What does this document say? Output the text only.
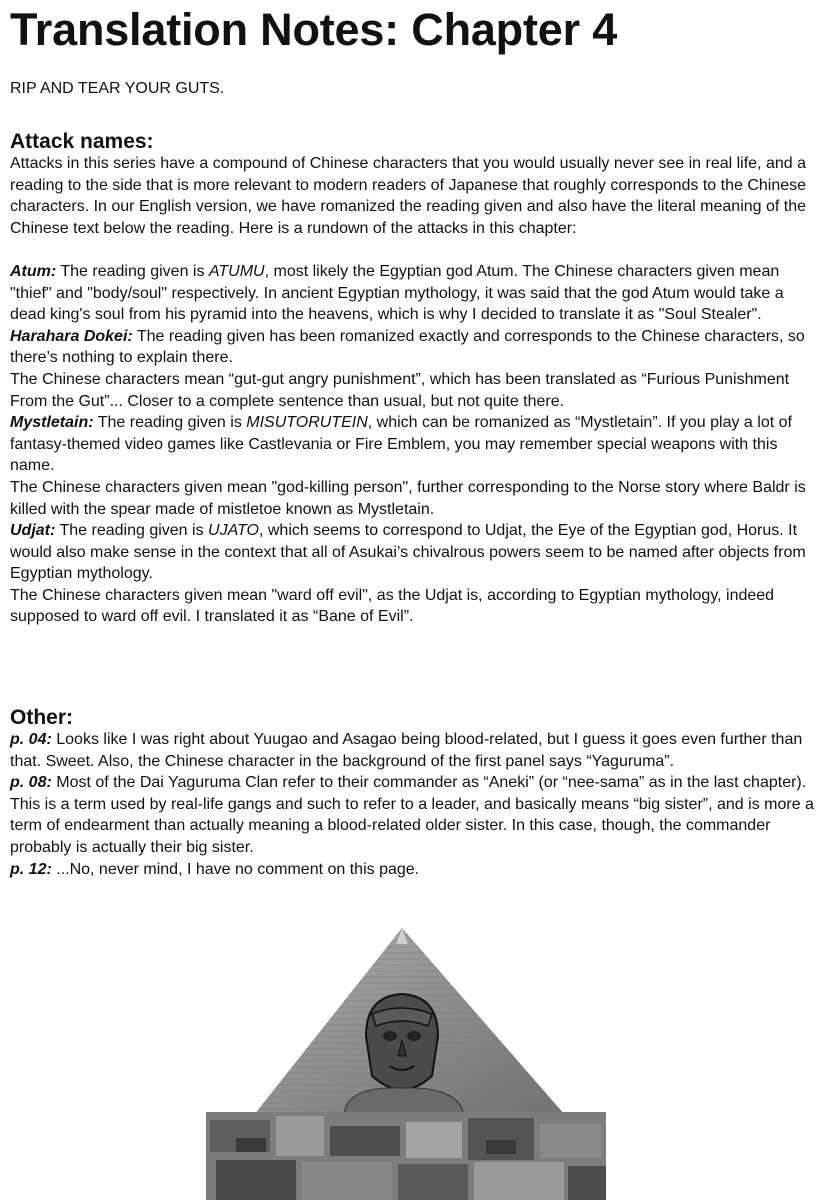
Translation Notes: Chapter 4

RIP AND TEAR YOUR GUTS.

Attack names:

Attacks in this series have a compound of Chinese characters that you would usually never see in real life, and a reading to the side that is more relevant to modern readers of Japanese that roughly corresponds to the Chinese characters. In our English version, we have romanized the reading given and also have the literal meaning of the Chinese text below the reading. Here is a rundown of the attacks in this chapter:

Atum: The reading given is ATUMU, most likely the Egyptian god Atum. The Chinese characters given mean "thief" and "body/soul" respectively. In ancient Egyptian mythology, it was said that the god Atum would take a dead king's soul from his pyramid into the heavens, which is why I decided to translate it as "Soul Stealer".

Harahara Dokei: The reading given has been romanized exactly and corresponds to the Chinese characters, so there’s nothing to explain there.

The Chinese characters mean “gut-gut angry punishment”, which has been translated as “Furious Punishment From the Gut”... Closer to a complete sentence than usual, but not quite there.

Mystletain: The reading given is MISUTORUTEIN, which can be romanized as “Mystletain”. If you play a lot of fantasy-themed video games like Castlevania or Fire Emblem, you may remember special weapons with this name.

The Chinese characters given mean "god-killing person", further corresponding to the Norse story where Baldr is killed with the spear made of mistletoe known as Mystletain.

Udjat: The reading given is UJATO, which seems to correspond to Udjat, the Eye of the Egyptian god, Horus. It would also make sense in the context that all of Asukai’s chivalrous powers seem to be named after objects from Egyptian mythology.

The Chinese characters given mean "ward off evil", as the Udjat is, according to Egyptian mythology, indeed supposed to ward off evil. I translated it as “Bane of Evil”.

Other:

p. 04: Looks like I was right about Yuugao and Asagao being blood-related, but I guess it goes even further than that. Sweet. Also, the Chinese character in the background of the first panel says “Yaguruma”.

p. 08: Most of the Dai Yaguruma Clan refer to their commander as “Aneki” (or “nee-sama” as in the last chapter). This is a term used by real-life gangs and such to refer to a leader, and basically means “big sister”, and is more a term of endearment than actually meaning a blood-related older sister. In this case, though, the commander probably is actually their big sister.

p. 12: ...No, never mind, I have no comment on this page.
